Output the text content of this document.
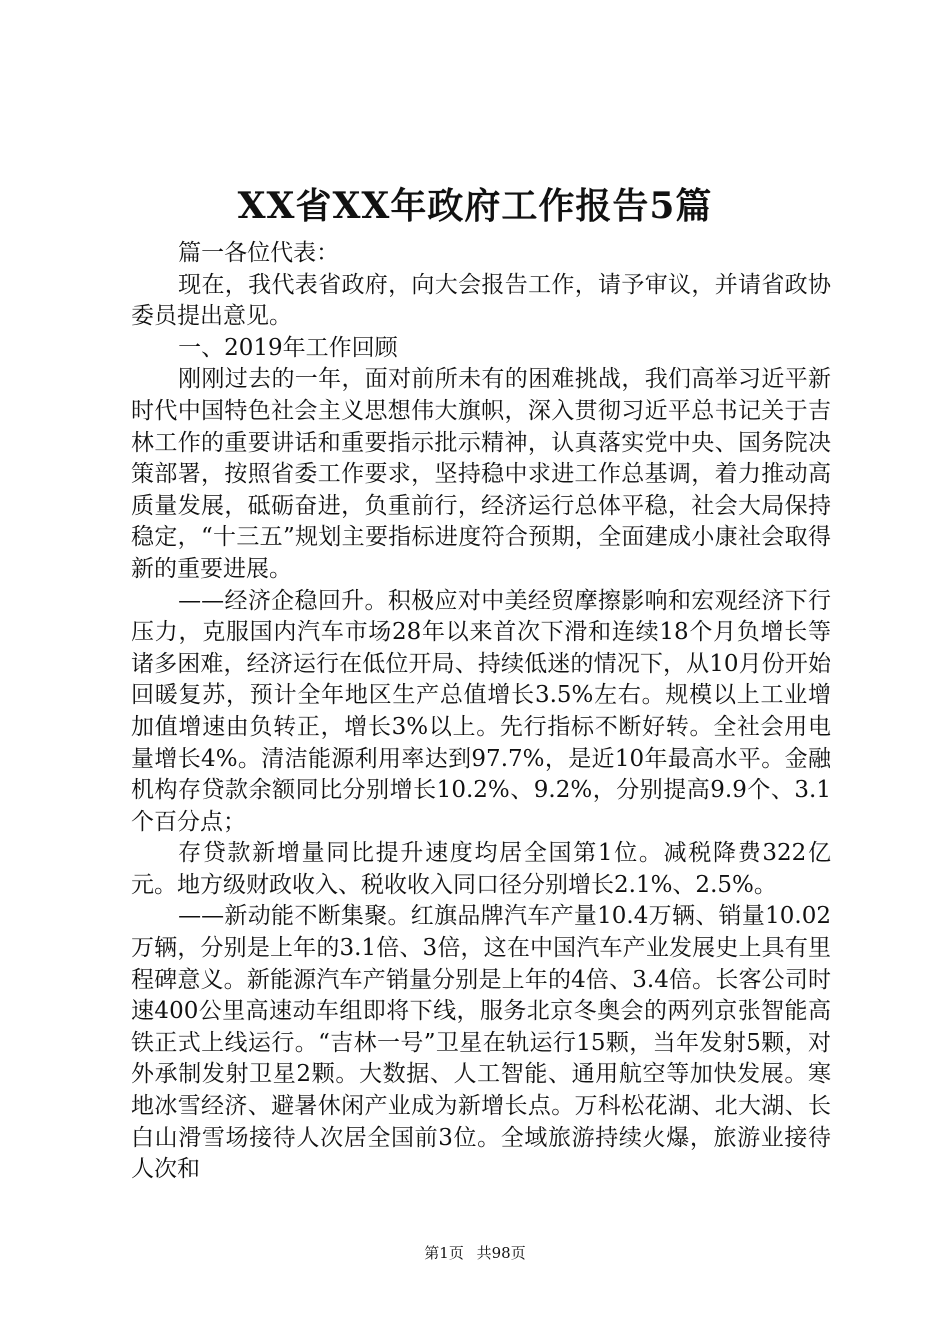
XX省XX年政府工作报告5篇

篇一各位代表：

现在，我代表省政府，向大会报告工作，请予审议，并请省政协委员提出意见。

一、2019年工作回顾

刚刚过去的一年，面对前所未有的困难挑战，我们高举习近平新时代中国特色社会主义思想伟大旗帜，深入贯彻习近平总书记关于吉林工作的重要讲话和重要指示批示精神，认真落实党中央、国务院决策部署，按照省委工作要求，坚持稳中求进工作总基调，着力推动高质量发展，砥砺奋进，负重前行，经济运行总体平稳，社会大局保持稳定，“十三五”规划主要指标进度符合预期，全面建成小康社会取得新的重要进展。

——经济企稳回升。积极应对中美经贸摩擦影响和宏观经济下行压力，克服国内汽车市场28年以来首次下滑和连续18个月负增长等诸多困难，经济运行在低位开局、持续低迷的情况下，从10月份开始回暖复苏，预计全年地区生产总值增长3.5%左右。规模以上工业增加值增速由负转正，增长3%以上。先行指标不断好转。全社会用电量增长4%。清洁能源利用率达到97.7%，是近10年最高水平。金融机构存贷款余额同比分别增长10.2%、9.2%，分别提高9.9个、3.1个百分点；

存贷款新增量同比提升速度均居全国第1位。减税降费322亿元。地方级财政收入、税收收入同口径分别增长2.1%、2.5%。

——新动能不断集聚。红旗品牌汽车产量10.4万辆、销量10.02万辆，分别是上年的3.1倍、3倍，这在中国汽车产业发展史上具有里程碑意义。新能源汽车产销量分别是上年的4倍、3.4倍。长客公司时速400公里高速动车组即将下线，服务北京冬奥会的两列京张智能高铁正式上线运行。“吉林一号”卫星在轨运行15颗，当年发射5颗，对外承制发射卫星2颗。大数据、人工智能、通用航空等加快发展。寒地冰雪经济、避暑休闲产业成为新增长点。万科松花湖、北大湖、长白山滑雪场接待人次居全国前3位。全域旅游持续火爆，旅游业接待人次和

第1页 共98页
